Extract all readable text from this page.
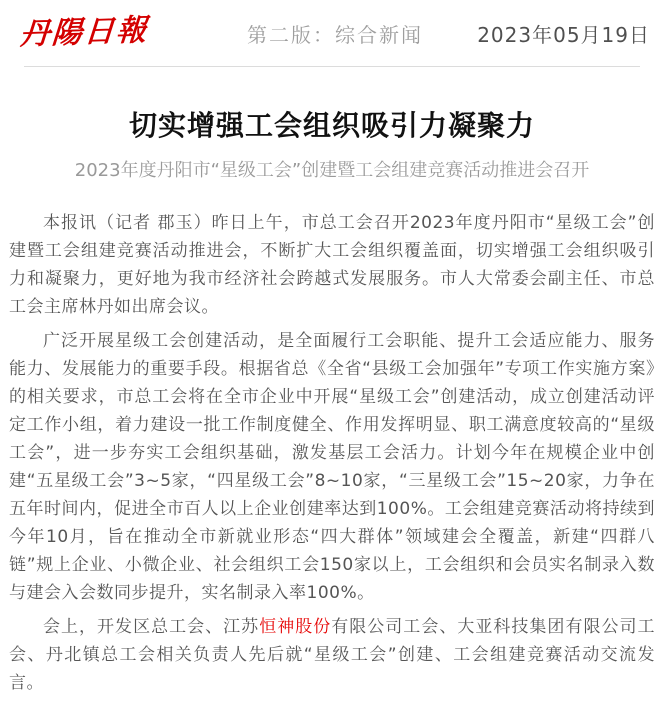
丹陽日報	第二版：综合新闻	2023年05月19日
切实增强工会组织吸引力凝聚力
2023年度丹阳市“星级工会”创建暨工会组建竞赛活动推进会召开

本报讯（记者 郡玉）昨日上午，市总工会召开2023年度丹阳市“星级工会”创建暨工会组建竞赛活动推进会，不断扩大工会组织覆盖面，切实增强工会组织吸引力和凝聚力，更好地为我市经济社会跨越式发展服务。市人大常委会副主任、市总工会主席林丹如出席会议。

广泛开展星级工会创建活动，是全面履行工会职能、提升工会适应能力、服务能力、发展能力的重要手段。根据省总《全省“县级工会加强年”专项工作实施方案》的相关要求，市总工会将在全市企业中开展“星级工会”创建活动，成立创建活动评定工作小组，着力建设一批工作制度健全、作用发挥明显、职工满意度较高的“星级工会”，进一步夯实工会组织基础，激发基层工会活力。计划今年在规模企业中创建“五星级工会”3~5家，“四星级工会”8~10家，“三星级工会”15~20家，力争在五年时间内，促进全市百人以上企业创建率达到100%。工会组建竞赛活动将持续到今年10月，旨在推动全市新就业形态“四大群体”领域建会全覆盖，新建“四群八链”规上企业、小微企业、社会组织工会150家以上，工会组织和会员实名制录入数与建会入会数同步提升，实名制录入率100%。

会上，开发区总工会、江苏恒神股份有限公司工会、大亚科技集团有限公司工会、丹北镇总工会相关负责人先后就“星级工会”创建、工会组建竞赛活动交流发言。
